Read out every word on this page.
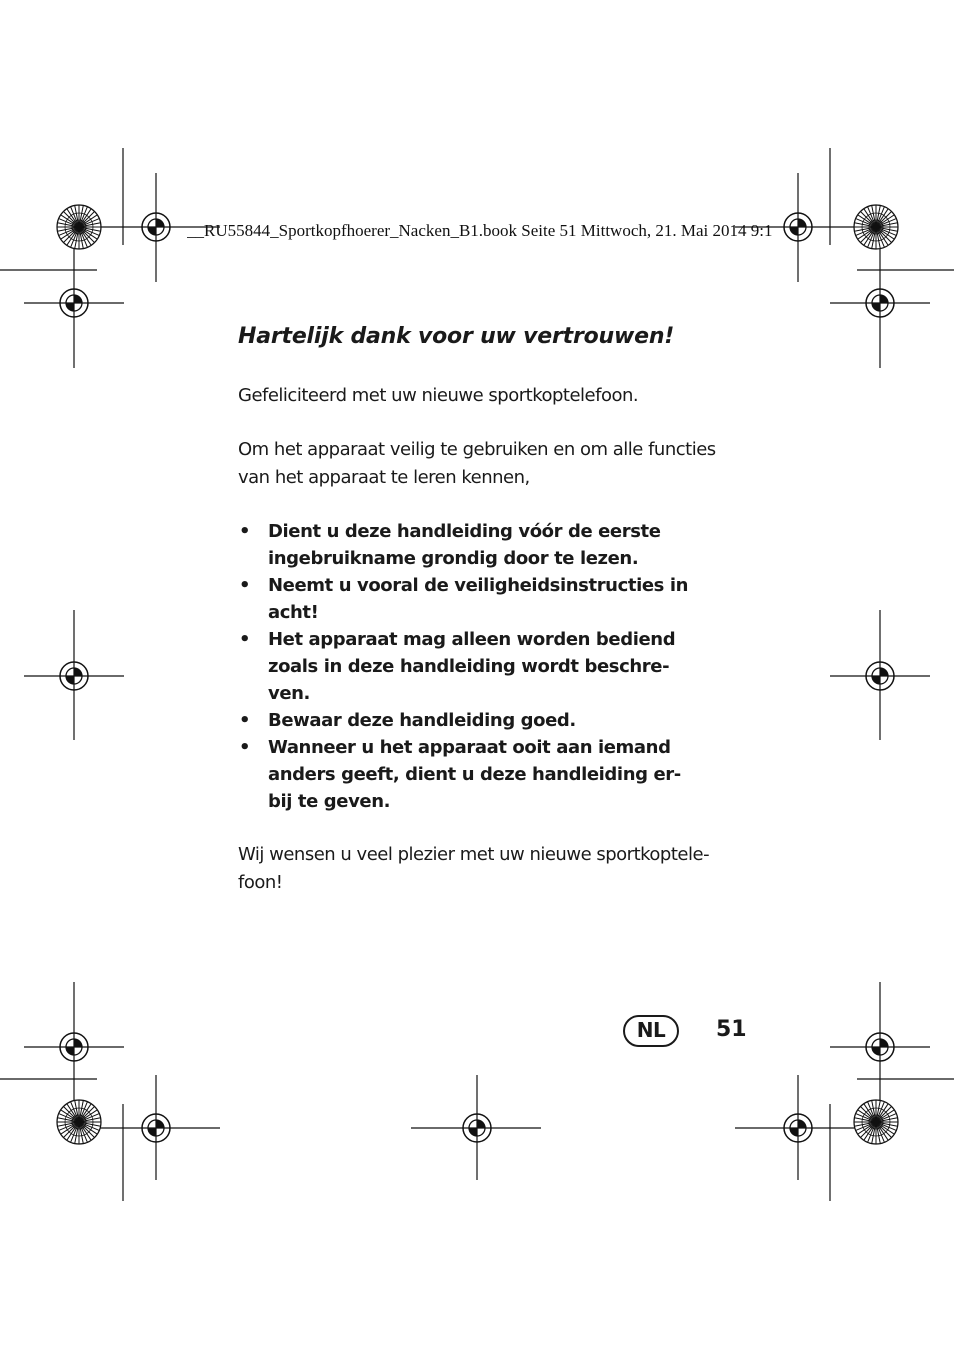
__RU55844_Sportkopfhoerer_Nacken_B1.book Seite 51 Mittwoch, 21. Mai 2014 9:1
Hartelijk dank voor uw vertrouwen!

Gefeliciteerd met uw nieuwe sportkoptelefoon.

Om het apparaat veilig te gebruiken en om alle functies
van het apparaat te leren kennen,

• Dient u deze handleiding vóór de eerste
ingebruikname grondig door te lezen.
• Neemt u vooral de veiligheidsinstructies in
acht!
• Het apparaat mag alleen worden bediend
zoals in deze handleiding wordt beschre-
ven.
• Bewaar deze handleiding goed.
• Wanneer u het apparaat ooit aan iemand
anders geeft, dient u deze handleiding er-
bij te geven.

Wij wensen u veel plezier met uw nieuwe sportkoptele-
foon!

NL	51
